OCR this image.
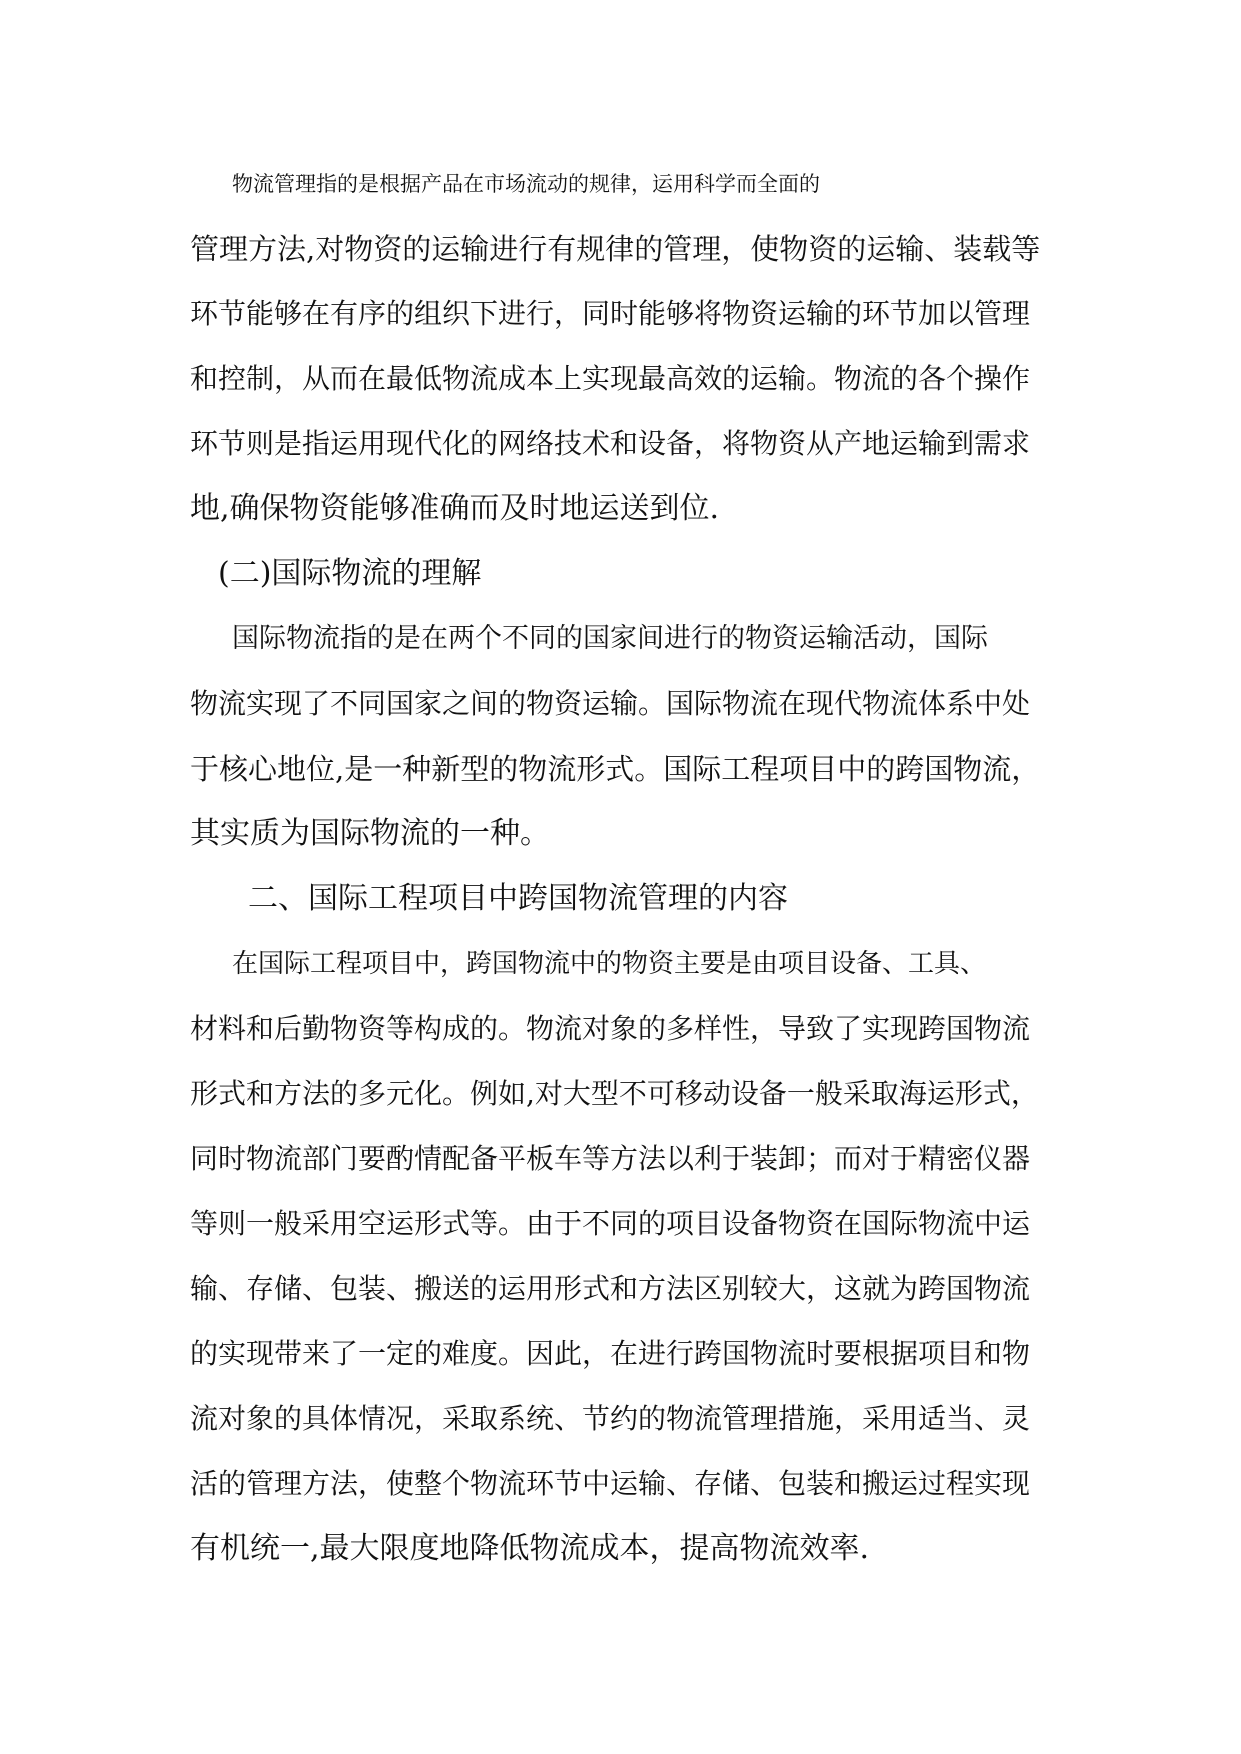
物流管理指的是根据产品在市场流动的规律，运用科学而全面的
管理方法,对物资的运输进行有规律的管理，使物资的运输、装载等
环节能够在有序的组织下进行，同时能够将物资运输的环节加以管理
和控制，从而在最低物流成本上实现最高效的运输。物流的各个操作
环节则是指运用现代化的网络技术和设备，将物资从产地运输到需求
地,确保物资能够准确而及时地运送到位.
(二)国际物流的理解
国际物流指的是在两个不同的国家间进行的物资运输活动，国际
物流实现了不同国家之间的物资运输。国际物流在现代物流体系中处
于核心地位,是一种新型的物流形式。国际工程项目中的跨国物流，
其实质为国际物流的一种。
二、国际工程项目中跨国物流管理的内容
在国际工程项目中，跨国物流中的物资主要是由项目设备、工具、
材料和后勤物资等构成的。物流对象的多样性，导致了实现跨国物流
形式和方法的多元化。例如,对大型不可移动设备一般采取海运形式，
同时物流部门要酌情配备平板车等方法以利于装卸；而对于精密仪器
等则一般采用空运形式等。由于不同的项目设备物资在国际物流中运
输、存储、包装、搬送的运用形式和方法区别较大，这就为跨国物流
的实现带来了一定的难度。因此，在进行跨国物流时要根据项目和物
流对象的具体情况，采取系统、节约的物流管理措施，采用适当、灵
活的管理方法，使整个物流环节中运输、存储、包装和搬运过程实现
有机统一,最大限度地降低物流成本，提高物流效率.
